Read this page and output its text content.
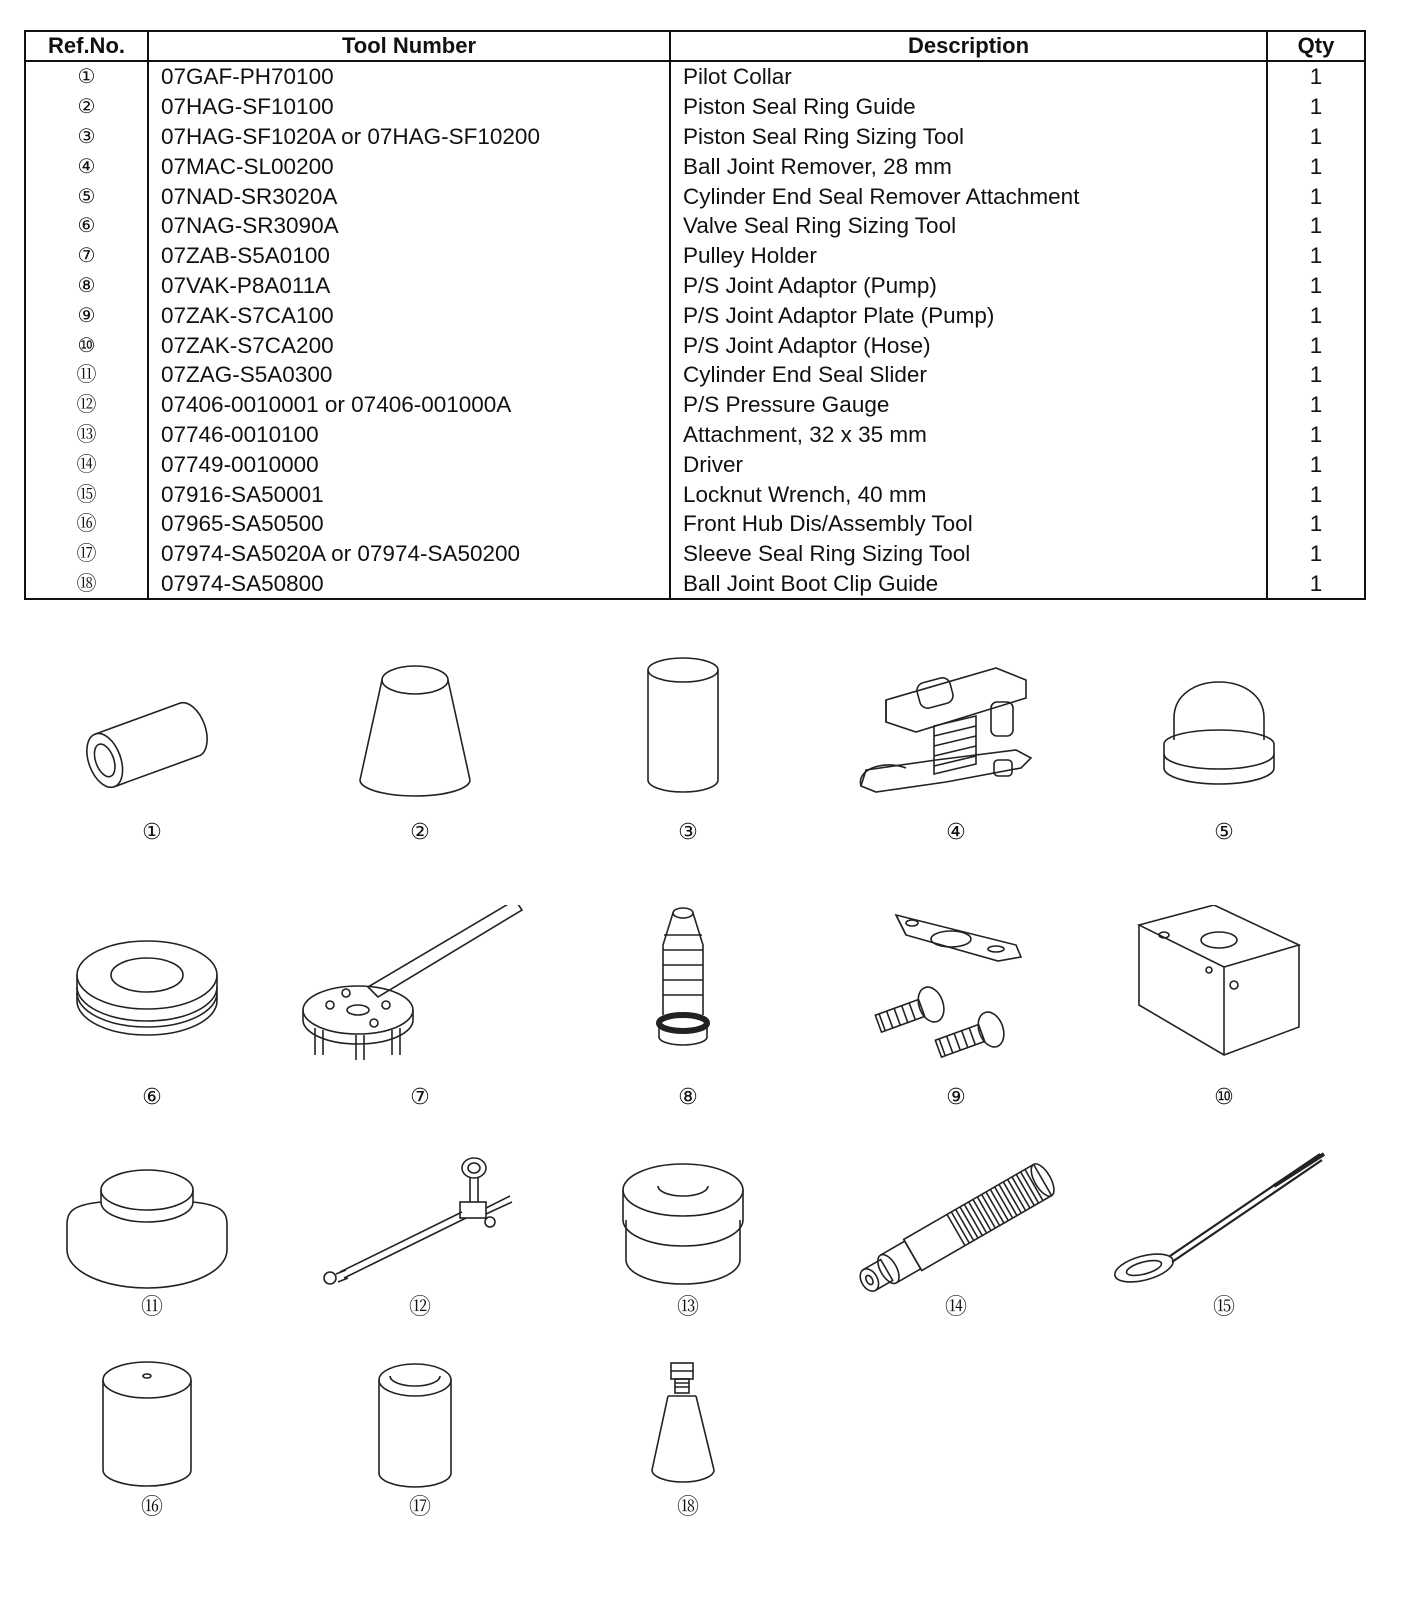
Ref.No.	Tool Number	Description	Qty
①	07GAF-PH70100	Pilot Collar	1
②	07HAG-SF10100	Piston Seal Ring Guide	1
③	07HAG-SF1020A or 07HAG-SF10200	Piston Seal Ring Sizing Tool	1
④	07MAC-SL00200	Ball Joint Remover, 28 mm	1
⑤	07NAD-SR3020A	Cylinder End Seal Remover Attachment	1
⑥	07NAG-SR3090A	Valve Seal Ring Sizing Tool	1
⑦	07ZAB-S5A0100	Pulley Holder	1
⑧	07VAK-P8A011A	P/S Joint Adaptor (Pump)	1
⑨	07ZAK-S7CA100	P/S Joint Adaptor Plate (Pump)	1
⑩	07ZAK-S7CA200	P/S Joint Adaptor (Hose)	1
⑪	07ZAG-S5A0300	Cylinder End Seal Slider	1
⑫	07406-0010001 or 07406-001000A	P/S Pressure Gauge	1
⑬	07746-0010100	Attachment, 32 x 35 mm	1
⑭	07749-0010000	Driver	1
⑮	07916-SA50001	Locknut Wrench, 40 mm	1
⑯	07965-SA50500	Front Hub Dis/Assembly Tool	1
⑰	07974-SA5020A or 07974-SA50200	Sleeve Seal Ring Sizing Tool	1
⑱	07974-SA50800	Ball Joint Boot Clip Guide	1
①	②	③	④	⑤
⑥	⑦	⑧	⑨	⑩
⑪	⑫	⑬	⑭	⑮
⑯	⑰	⑱
